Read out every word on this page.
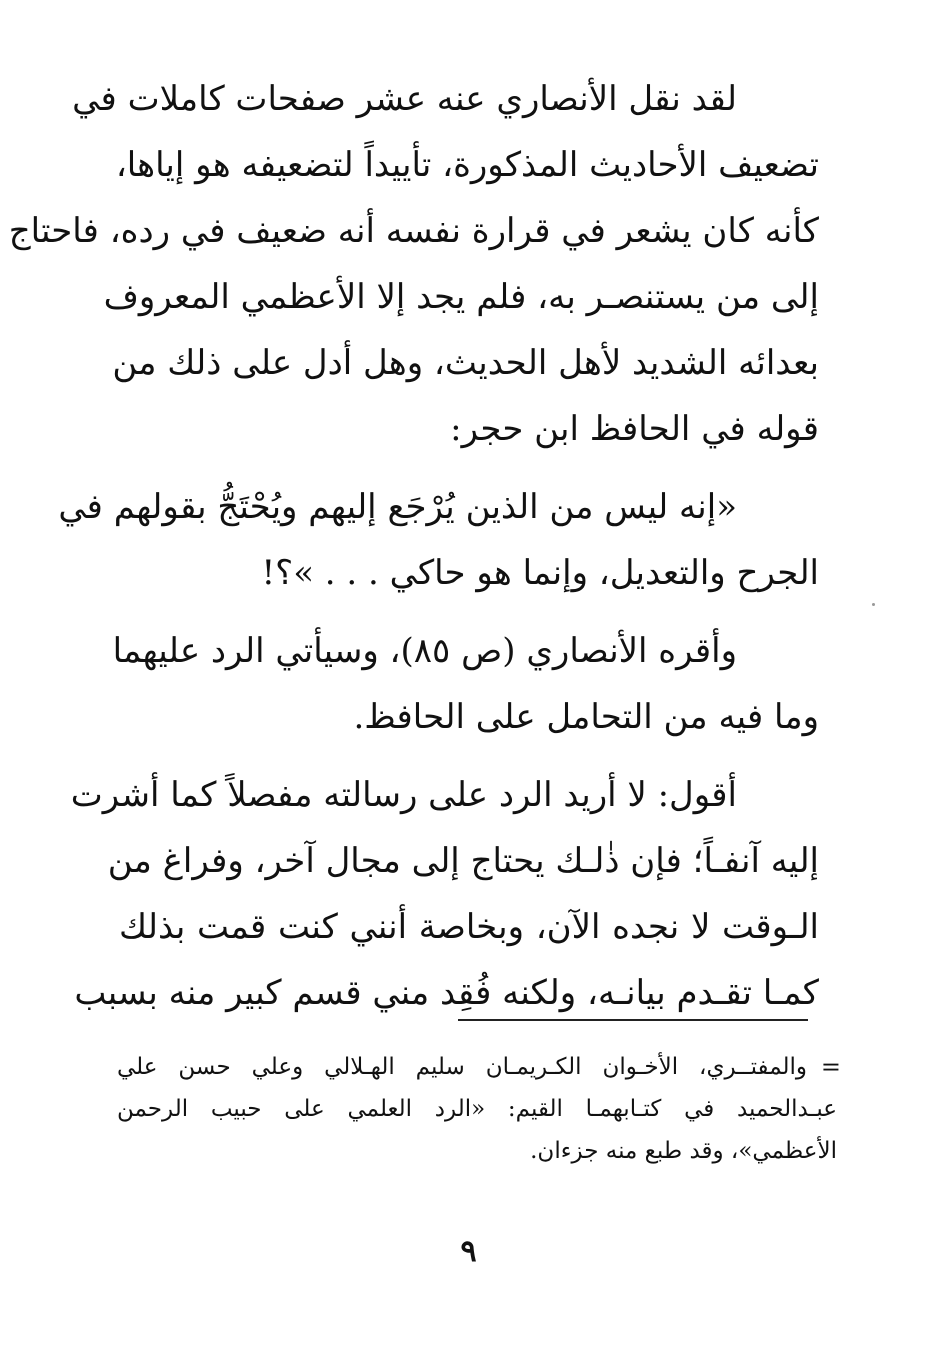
لقد نقل الأنصاري عنه عشر صفحات كاملات في
تضعيف الأحاديث المذكورة، تأييداً لتضعيفه هو إياها،
كأنه كان يشعر في قرارة نفسه أنه ضعيف في رده، فاحتاج
إلى من يستنصـر به، فلم يجد إلا الأعظمي المعروف
بعدائه الشديد لأهل الحديث، وهل أدل على ذلك من
قوله في الحافظ ابن حجر:
«إنه ليس من الذين يُرْجَع إليهم ويُحْتَجُّ بقولهم في
الجرح والتعديل، وإنما هو حاكي . . . »؟!
وأقره الأنصاري (ص ٨٥)، وسيأتي الرد عليهما
وما فيه من التحامل على الحافظ.
أقول: لا أريد الرد على رسالته مفصلاً كما أشرت
إليه آنفـاً؛ فإن ذٰلـك يحتاج إلى مجال آخر، وفراغ من
الـوقت لا نجده الآن، وبخاصة أنني كنت قمت بذلك
كمـا تقـدم بيانـه، ولكنه فُقِد مني قسم كبير منه بسبب
=
والمفتــري، الأخـوان الكـريمـان سليم الهـلالي وعلي حسن علي
عبـدالحميد في كتـابهمـا القيم: «الرد العلمي على حبيب الرحمن
الأعظمي»، وقد طبع منه جزءان.
٩
